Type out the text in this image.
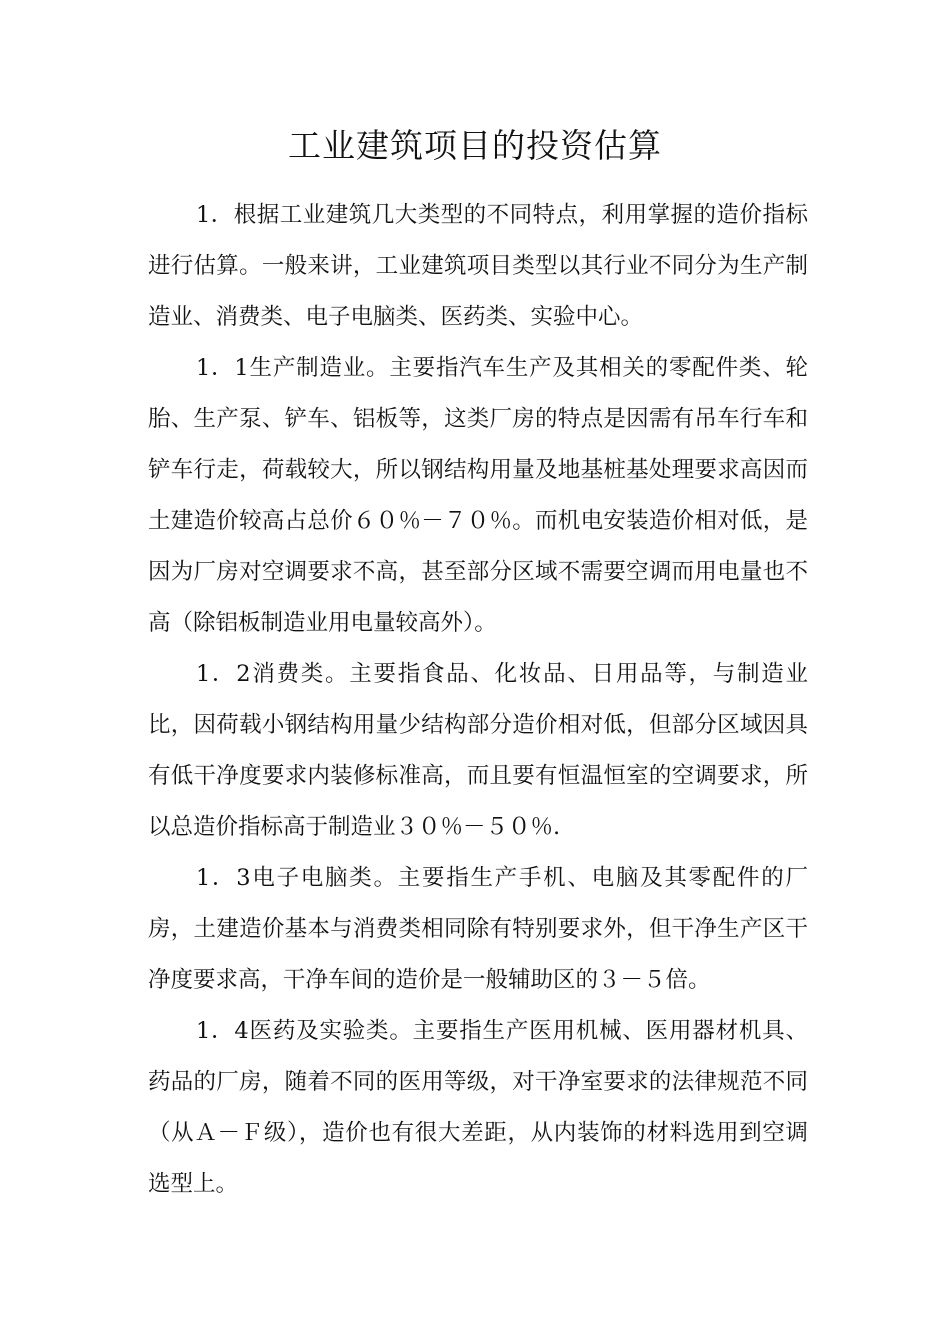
工业建筑项目的投资估算

1．根据工业建筑几大类型的不同特点，利用掌握的造价指标进行估算。一般来讲，工业建筑项目类型以其行业不同分为生产制造业、消费类、电子电脑类、医药类、实验中心。

1．1生产制造业。主要指汽车生产及其相关的零配件类、轮胎、生产泵、铲车、铝板等，这类厂房的特点是因需有吊车行车和铲车行走，荷载较大，所以钢结构用量及地基桩基处理要求高因而土建造价较高占总价６０％－７０％。而机电安装造价相对低，是因为厂房对空调要求不高，甚至部分区域不需要空调而用电量也不高（除铝板制造业用电量较高外）。

1．2消费类。主要指食品、化妆品、日用品等，与制造业比，因荷载小钢结构用量少结构部分造价相对低，但部分区域因具有低干净度要求内装修标准高，而且要有恒温恒室的空调要求，所以总造价指标高于制造业３０％－５０％.

1．3电子电脑类。主要指生产手机、电脑及其零配件的厂房，土建造价基本与消费类相同除有特别要求外，但干净生产区干净度要求高，干净车间的造价是一般辅助区的３－５倍。

1．4医药及实验类。主要指生产医用机械、医用器材机具、药品的厂房，随着不同的医用等级，对干净室要求的法律规范不同（从Ａ－Ｆ级），造价也有很大差距，从内装饰的材料选用到空调选型上。
